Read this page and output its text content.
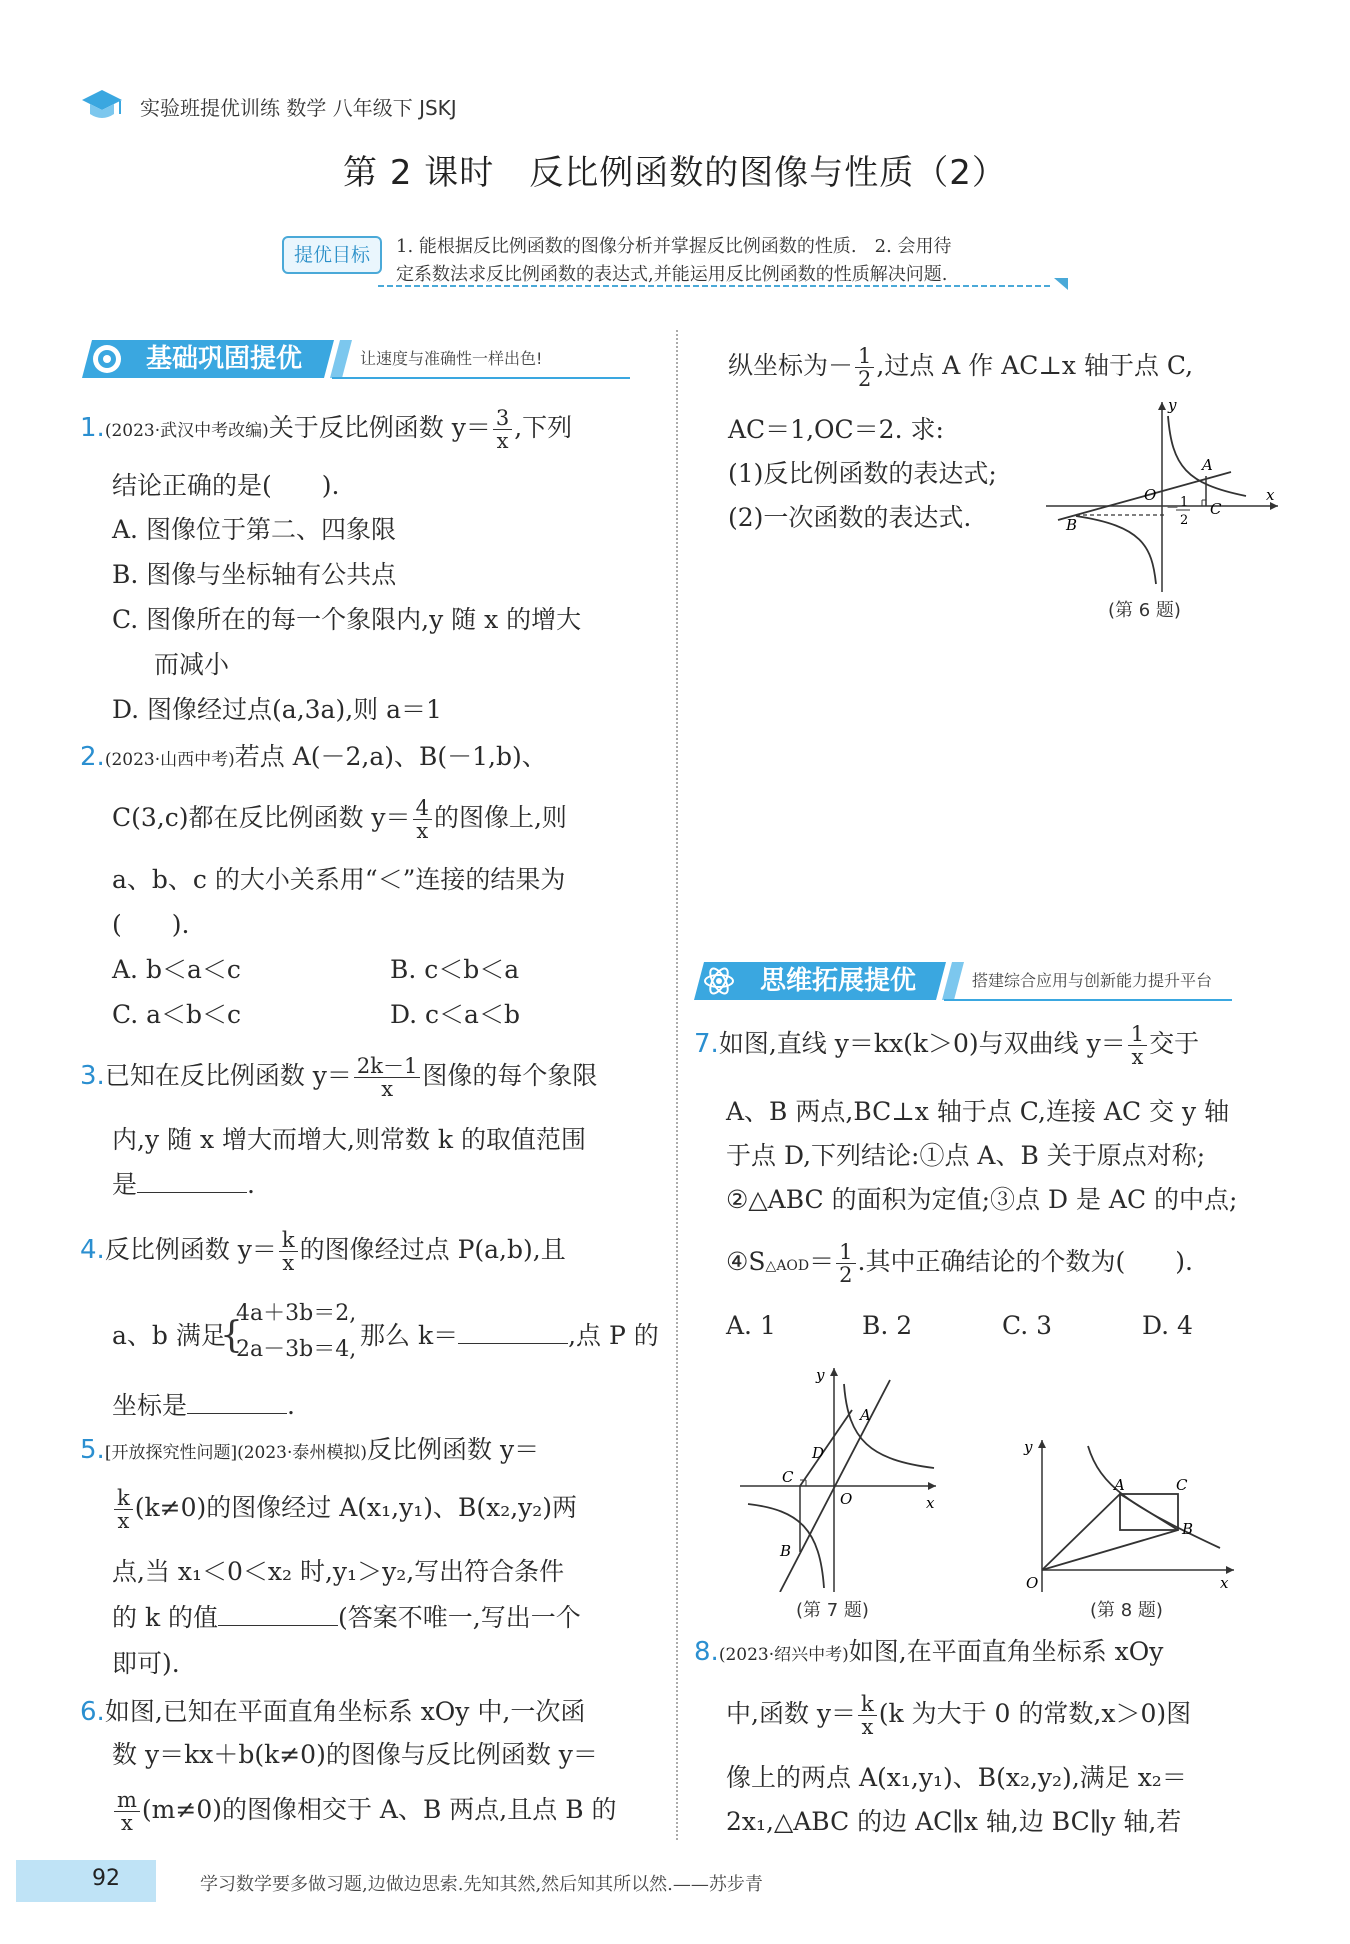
实验班提优训练 数学 八年级下 JSKJ
第 2 课时　反比例函数的图像与性质（2）
提优目标	1. 能根据反比例函数的图像分析并掌握反比例函数的性质.　2. 会用待
定系数法求反比例函数的表达式,并能运用反比例函数的性质解决问题.
基础巩固提优	让速度与准确性一样出色!
1.(2023·武汉中考改编)关于反比例函数 $y= \frac{3}{x}$ ,下列
结论正确的是(　　).
A. 图像位于第二、四象限
B. 图像与坐标轴有公共点
C. 图像所在的每一个象限内,y 随 x 的增大
而减小
D. 图像经过点(a,3a),则 a＝1
2.(2023·山西中考)若点 A(－2,a)、B(－1,b)、
C(3,c)都在反比例函数 $y= \frac{4}{x}$ 的图像上,则
a、b、c 的大小关系用“＜”连接的结果为
(　　).
A. b＜a＜c	B. c＜b＜a
C. a＜b＜c	D. c＜a＜b
3.已知在反比例函数 $y= \frac{2k-1}{x}$ 图像的每个象限
内,y 随 x 增大而增大,则常数 k 的取值范围
是	.
4.反比例函数 $y= \frac{k}{x}$ 的图像经过点 P(a,b),且
a、b 满足
{
4a＋3b＝2,
2a－3b＝4, 那么 k＝	,点 P 的
坐标是	.
5.[开放探究性问题](2023·泰州模拟)反比例函数 y＝
$\frac{k}{x} (k\ne 0)$的图像经过 A(x₁,y₁)、B(x₂,y₂)两
点,当 x₁＜0＜x₂ 时,y₁＞y₂,写出符合条件
的 k 的值	(答案不唯一,写出一个
即可).
6.如图,已知在平面直角坐标系 xOy 中,一次函
数 y＝kx＋b(k≠0)的图像与反比例函数 y＝
$\frac{m}{x} (m\ne 0)$的图像相交于 A、B 两点,且点 B 的
纵坐标为－ $\frac{1}{2}$ ,过点 A 作 AC⊥x 轴于点 C,
AC＝1,OC＝2. 求:
(1)反比例函数的表达式;
(2)一次函数的表达式.
y
x
O
A
B
C
－ 1
2
(第 6 题)
思维拓展提优	搭建综合应用与创新能力提升平台
7.如图,直线 y＝kx(k＞0)与双曲线 $y= \frac{1}{x}$ 交于
A、B 两点,BC⊥x 轴于点 C,连接 AC 交 y 轴
于点 D,下列结论:①点 A、B 关于原点对称;
②△ABC 的面积为定值;③点 D 是 AC 的中点;
④S△AOD＝ $\frac{1}{2}$ .其中正确结论的个数为(　　).
A. 1	B. 2	C. 3	D. 4
y
x
O
A
B
C
D
(第 7 题)
y
x
O
A	C
B
(第 8 题)
8.(2023·绍兴中考)如图,在平面直角坐标系 xOy
中,函数 $y= \frac{k}{x} (k$ 为大于 0 的常数,x＞0)图
像上的两点 A(x₁,y₁)、B(x₂,y₂),满足 x₂＝
2x₁,△ABC 的边 AC∥x 轴,边 BC∥y 轴,若
92	学习数学要多做习题,边做边思索.先知其然,然后知其所以然.——苏步青
